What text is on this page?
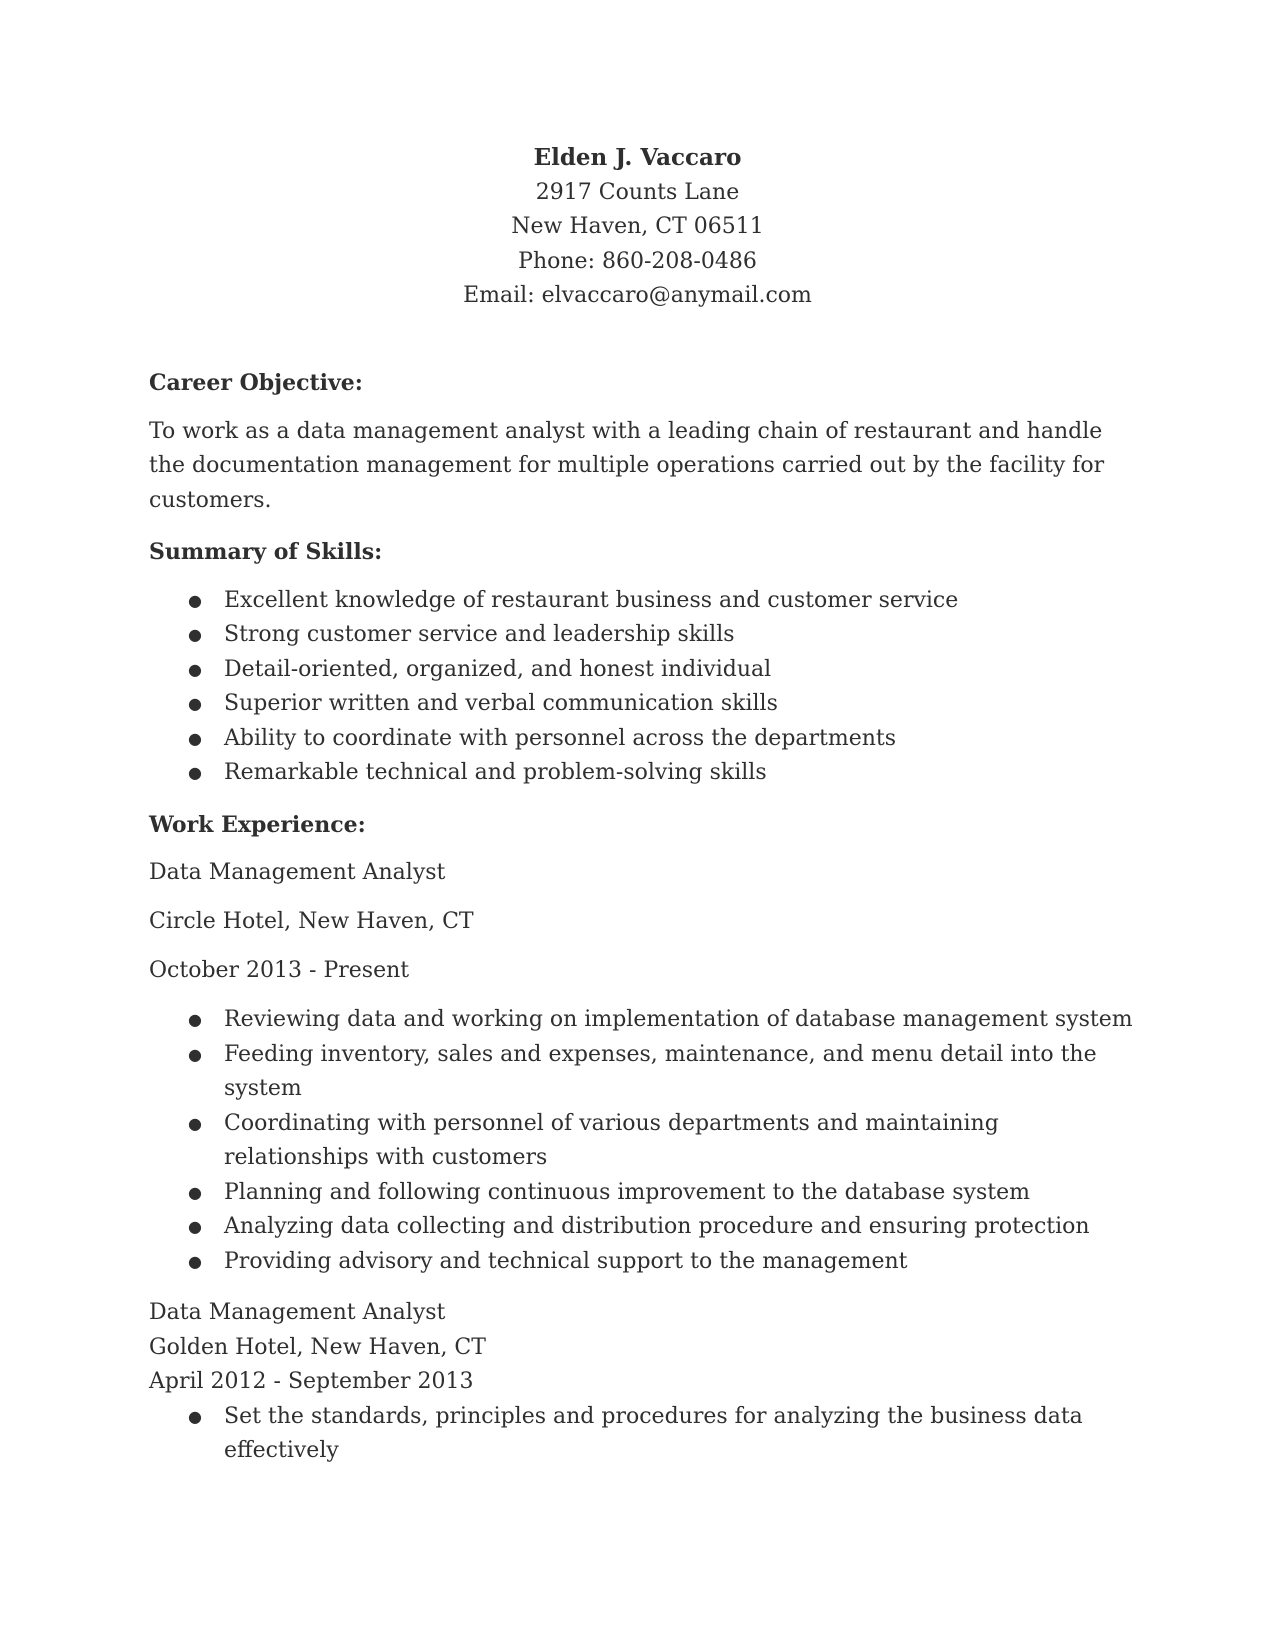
Elden J. Vaccaro
2917 Counts Lane
New Haven, CT 06511
Phone: 860-208-0486
Email: elvaccaro@anymail.com
Career Objective:
To work as a data management analyst with a leading chain of restaurant and handle the documentation management for multiple operations carried out by the facility for customers.
Summary of Skills:
● Excellent knowledge of restaurant business and customer service
● Strong customer service and leadership skills
● Detail-oriented, organized, and honest individual
● Superior written and verbal communication skills
● Ability to coordinate with personnel across the departments
● Remarkable technical and problem-solving skills
Work Experience:
Data Management Analyst
Circle Hotel, New Haven, CT
October 2013 - Present
● Reviewing data and working on implementation of database management system
● Feeding inventory, sales and expenses, maintenance, and menu detail into the system
● Coordinating with personnel of various departments and maintaining relationships with customers
● Planning and following continuous improvement to the database system
● Analyzing data collecting and distribution procedure and ensuring protection
● Providing advisory and technical support to the management
Data Management Analyst
Golden Hotel, New Haven, CT
April 2012 - September 2013
● Set the standards, principles and procedures for analyzing the business data effectively
